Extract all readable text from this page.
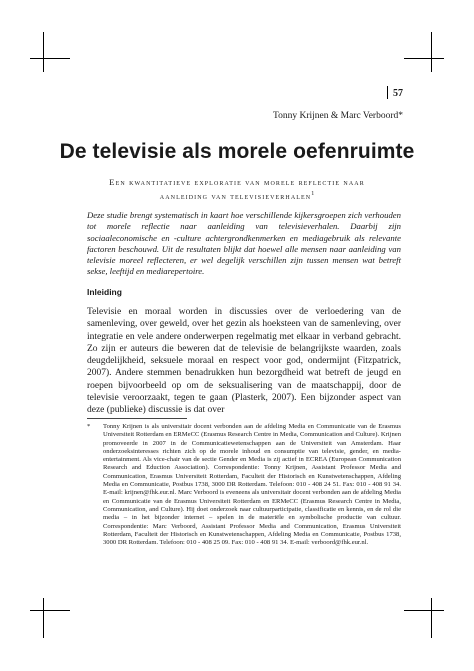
57
Tonny Krijnen & Marc Verboord*
De televisie als morele oefenruimte
Een kwantitatieve exploratie van morele reflectie naar aanleiding van televisieverhalen$^1$

Deze studie brengt systematisch in kaart hoe verschillende kijkersgroepen zich verhouden tot morele reflectie naar aanleiding van televisieverhalen. Daarbij zijn sociaaleconomische en -culture achtergrondkenmerken en mediagebruik als relevante factoren beschouwd. Uit de resultaten blijkt dat hoewel alle mensen naar aanleiding van televisie moreel reflecteren, er wel degelijk verschillen zijn tussen mensen wat betreft sekse, leeftijd en mediarepertoire.

Inleiding

Televisie en moraal worden in discussies over de verloedering van de samenleving, over geweld, over het gezin als hoeksteen van de samenleving, over integratie en vele andere onderwerpen regelmatig met elkaar in verband gebracht. Zo zijn er auteurs die beweren dat de televisie de belangrijkste waarden, zoals deugdelijkheid, seksuele moraal en respect voor god, ondermijnt (Fitzpatrick, 2007). Andere stemmen benadrukken hun bezorgdheid wat betreft de jeugd en roepen bijvoorbeeld op om de seksualisering van de maatschappij, door de televisie veroorzaakt, tegen te gaan (Plasterk, 2007). Een bijzonder aspect van deze (publieke) discussie is dat over

* Tonny Krijnen is als universitair docent verbonden aan de afdeling Media en Communicatie van de Erasmus Universiteit Rotterdam en ERMeCC (Erasmus Research Centre in Media, Communication and Culture). Krijnen promoveerde in 2007 in de Communicatiewetenschappen aan de Universiteit van Amsterdam. Haar onderzoeksinteresses richten zich op de morele inhoud en consumptie van televisie, gender, en media-entertainment. Als vice-chair van de sectie Gender en Media is zij actief in ECREA (European Communication Research and Eduction Association). Correspondentie: Tonny Krijnen, Assistant Professor Media and Communication, Erasmus Universiteit Rotterdam, Faculteit der Historisch en Kunstwetenschappen, Afdeling Media en Communicatie, Postbus 1738, 3000 DR Rotterdam. Telefoon: 010 - 408 24 51. Fax: 010 - 408 91 34. E-mail: krijnen@fhk.eur.nl. Marc Verboord is eveneens als universitair docent verbonden aan de afdeling Media en Communicatie van de Erasmus Universiteit Rotterdam en ERMeCC (Erasmus Research Centre in Media, Communication, and Culture). Hij doet onderzoek naar cultuurparticipatie, classificatie en kennis, en de rol die media – in het bijzonder internet – spelen in de materiële en symbolische productie van cultuur. Correspondentie: Marc Verboord, Assistant Professor Media and Communication, Erasmus Universiteit Rotterdam, Faculteit der Historisch en Kunstwetenschappen, Afdeling Media en Communicatie, Postbus 1738, 3000 DR Rotterdam. Telefoon: 010 - 408 25 09. Fax: 010 - 408 91 34. E-mail: verboord@fhk.eur.nl.
